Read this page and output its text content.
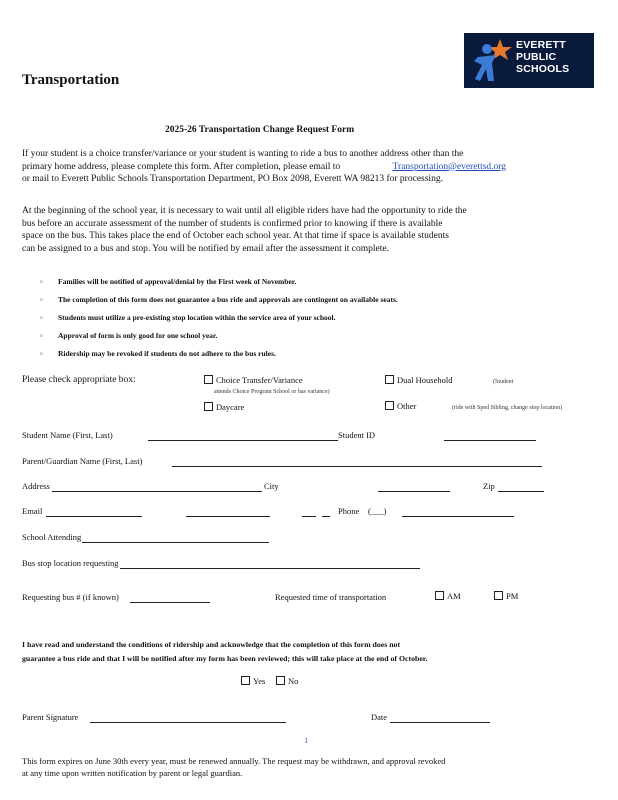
EVERETT
PUBLIC
SCHOOLS
Transportation
2025-26 Transportation Change Request Form
If your student is a choice transfer/variance or your student is wanting to ride a bus to another address other than the
primary home address, please complete this form. After completion, please email to	Transportation@everettsd.org
or mail to Everett Public Schools Transportation Department, PO Box 2098, Everett WA 98213 for processing.
At the beginning of the school year, it is necessary to wait until all eligible riders have had the opportunity to ride the
bus before an accurate assessment of the number of students is confirmed prior to knowing if there is available
space on the bus. This takes place the end of October each school year. At that time if space is available students
can be assigned to a bus and stop. You will be notified by email after the assessment it complete.
▫ Families will be notified of approval/denial by the First week of November.
▫ The completion of this form does not guarantee a bus ride and approvals are contingent on available seats.
▫ Students must utilize a pre-existing stop location within the service area of your school.
▫ Approval of form is only good for one school year.
▫ Ridership may be revoked if students do not adhere to the bus rules.
Please check appropriate box:	Choice Transfer/Variance
attends Choice Program School or has variance)
Daycare
Dual Household	(Student
Other	(ride with Sped Sibling, change stop location)
Student Name (First, Last)	Student ID
Parent/Guardian Name (First, Last)
Address	City	Zip
Email	Phone (___)
School Attending
Bus stop location requesting
Requesting bus # (if known)	Requested time of transportation	AM	PM
I have read and understand the conditions of ridership and acknowledge that the completion of this form does not
guarantee a bus ride and that I will be notified after my form has been reviewed; this will take place at the end of October.
Yes	No
Parent Signature	Date
1
This form expires on June 30th every year, must be renewed annually. The request may be withdrawn, and approval revoked
at any time upon written notification by parent or legal guardian.
